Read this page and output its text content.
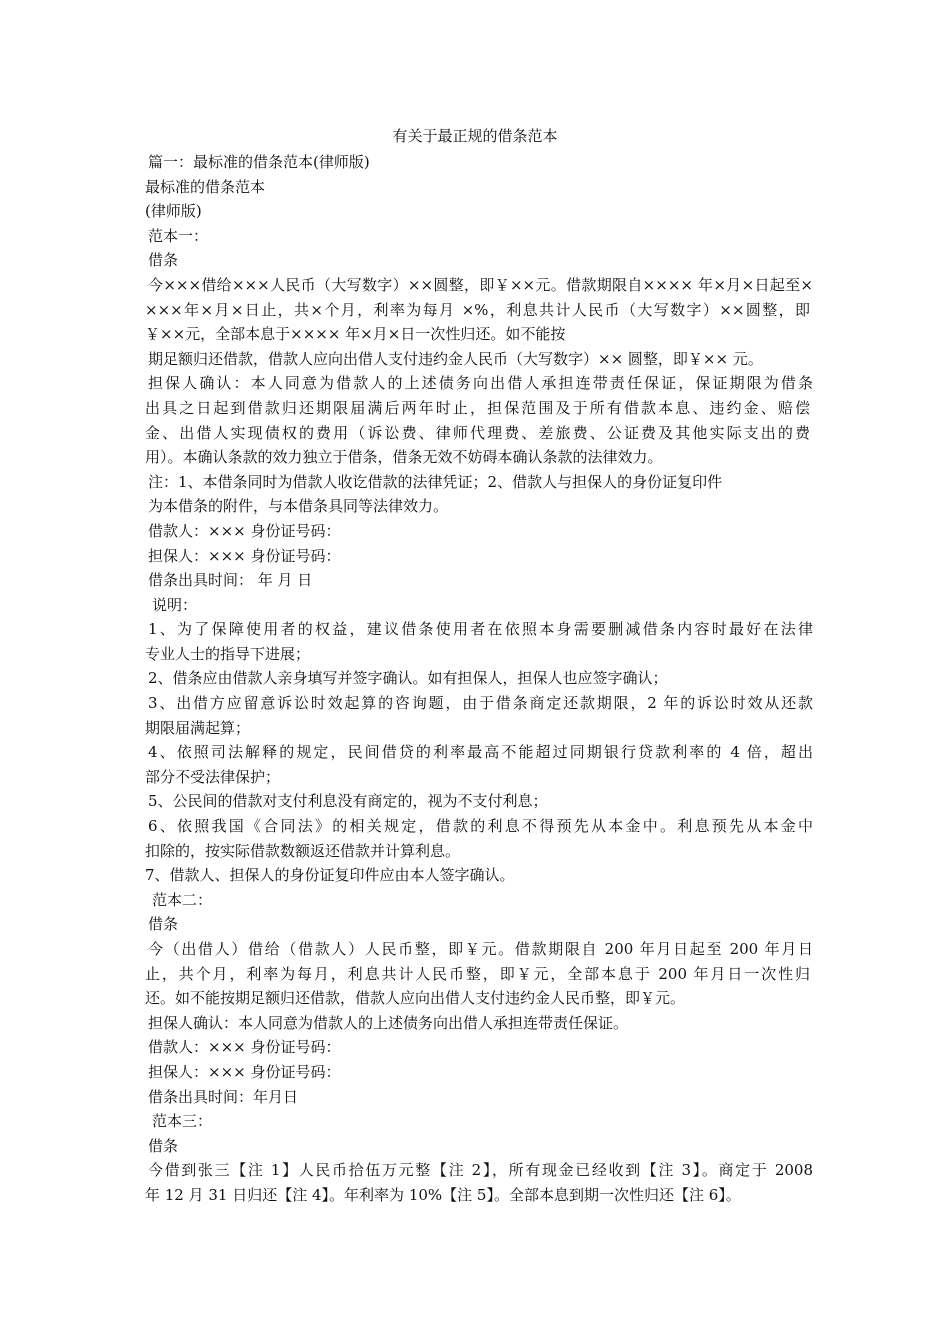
有关于最正规的借条范本
篇一：最标准的借条范本(律师版)
最标准的借条范本
(律师版)
范本一：
借条
今×××借给×××人民币（大写数字）××圆整，即￥××元。借款期限自×××× 年×月×日起至×
×××年×月×日止，共×个月，利率为每月 ×%，利息共计人民币（大写数字）××圆整，即
￥××元，全部本息于×××× 年×月×日一次性归还。如不能按
期足额归还借款，借款人应向出借人支付违约金人民币（大写数字）×× 圆整，即￥×× 元。
担保人确认：本人同意为借款人的上述债务向出借人承担连带责任保证，保证期限为借条
出具之日起到借款归还期限届满后两年时止，担保范围及于所有借款本息、违约金、赔偿
金、出借人实现债权的费用（诉讼费、律师代理费、差旅费、公证费及其他实际支出的费
用）。本确认条款的效力独立于借条，借条无效不妨碍本确认条款的法律效力。
注：1、本借条同时为借款人收讫借款的法律凭证；2、借款人与担保人的身份证复印件
为本借条的附件，与本借条具同等法律效力。
借款人：××× 身份证号码：
担保人：××× 身份证号码：
借条出具时间： 年 月 日
说明：
1、为了保障使用者的权益，建议借条使用者在依照本身需要删减借条内容时最好在法律
专业人士的指导下进展；
2、借条应由借款人亲身填写并签字确认。如有担保人，担保人也应签字确认；
3、出借方应留意诉讼时效起算的咨询题，由于借条商定还款期限，2 年的诉讼时效从还款
期限届满起算；
4、依照司法解释的规定，民间借贷的利率最高不能超过同期银行贷款利率的 4 倍，超出
部分不受法律保护；
5、公民间的借款对支付利息没有商定的，视为不支付利息；
6、依照我国《合同法》的相关规定，借款的利息不得预先从本金中。利息预先从本金中
扣除的，按实际借款数额返还借款并计算利息。
7、借款人、担保人的身份证复印件应由本人签字确认。
范本二：
借条
今（出借人）借给（借款人）人民币整，即￥元。借款期限自 200 年月日起至 200 年月日
止，共个月，利率为每月，利息共计人民币整，即￥元，全部本息于 200 年月日一次性归
还。如不能按期足额归还借款，借款人应向出借人支付违约金人民币整，即￥元。
担保人确认：本人同意为借款人的上述债务向出借人承担连带责任保证。
借款人：××× 身份证号码：
担保人：××× 身份证号码：
借条出具时间：年月日
范本三：
借条
今借到张三【注 1】人民币拾伍万元整【注 2】，所有现金已经收到【注 3】。商定于 2008
年 12 月 31 日归还【注 4】。年利率为 10%【注 5】。全部本息到期一次性归还【注 6】。
